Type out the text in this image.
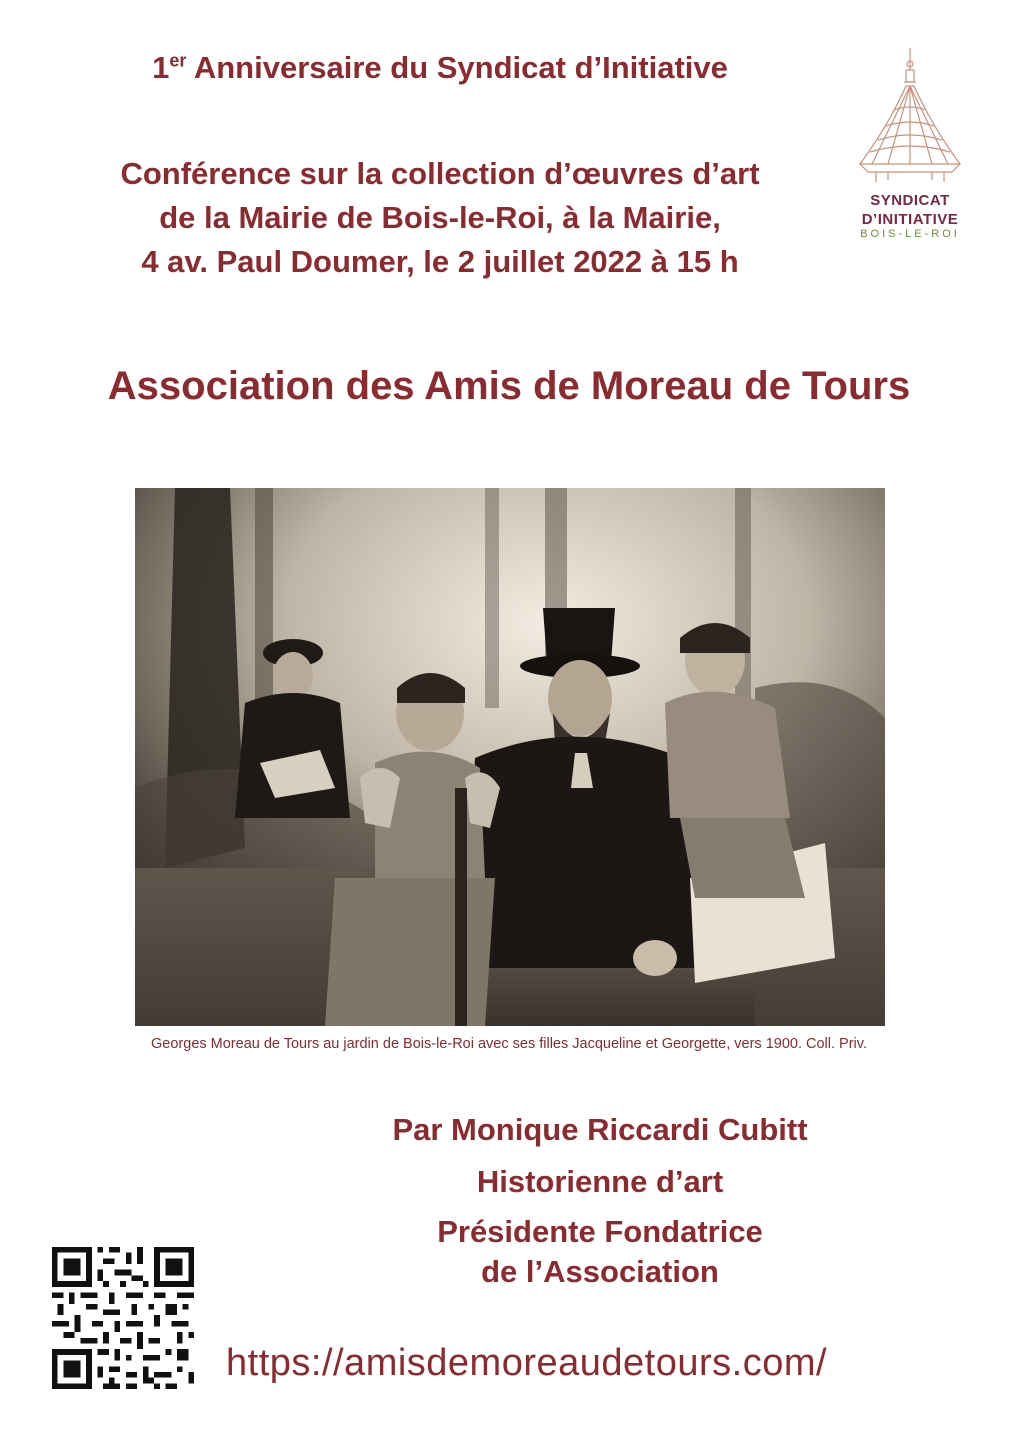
1er Anniversaire du Syndicat d’Initiative
Conférence sur la collection d’œuvres d’art
de la Mairie de Bois-le-Roi, à la Mairie,
4 av. Paul Doumer, le 2 juillet 2022 à 15 h
SYNDICAT
D’INITIATIVE
BOIS-LE-ROI
Association des Amis de Moreau de Tours
Georges Moreau de Tours au jardin de Bois-le-Roi avec ses filles Jacqueline et Georgette, vers 1900. Coll. Priv.
Par Monique Riccardi Cubitt
Historienne d’art
Présidente Fondatrice
de l’Association
https://amisdemoreaudetours.com/
